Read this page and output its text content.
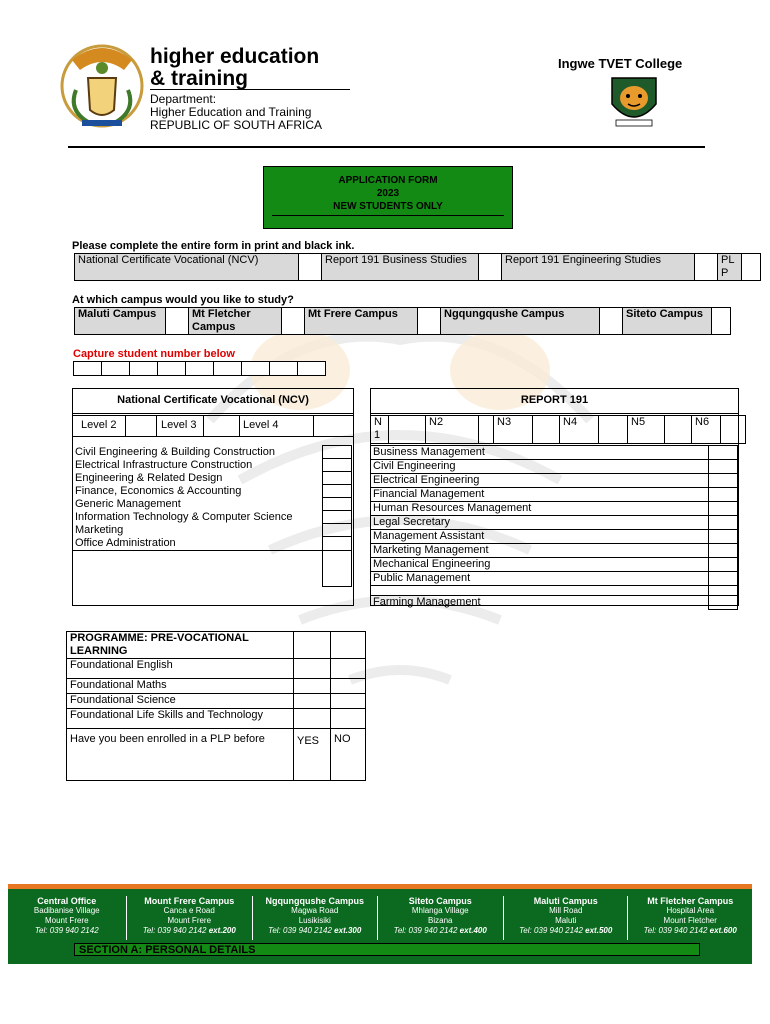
higher education
& training
Department:
Higher Education and Training
REPUBLIC OF SOUTH AFRICA
Ingwe TVET College
APPLICATION FORM
2023
NEW STUDENTS ONLY
Please complete the entire form in print and black ink.
National Certificate Vocational (NCV)		Report 191 Business Studies		Report 191 Engineering Studies		PLP	
At which campus would you like to study?
Maluti Campus		Mt Fletcher Campus		Mt Frere Campus		Ngqungqushe Campus		Siteto Campus	
Capture student number below

National Certificate Vocational (NCV)
Level 2	Level 3	Level 4
Civil Engineering & Building Construction	
Electrical Infrastructure Construction	
Engineering & Related Design	
Finance, Economics & Accounting	
Generic Management	
Information Technology & Computer Science	
Marketing	
Office Administration	

REPORT 191
N1		N2		N3		N4		N5		N6	
Business Management	
Civil Engineering	
Electrical Engineering	
Financial Management	
Human Resources Management	
Legal Secretary	
Management Assistant	
Marketing Management	
Mechanical Engineering	
Public Management	

Farming Management	
PROGRAMME: PRE-VOCATIONAL LEARNING		
Foundational English		
Foundational Maths		
Foundational Science		
Foundational Life Skills and Technology		
Have you been enrolled in a PLP before	YES	NO
Central Office
Badibanise Village
Mount Frere
Tel: 039 940 2142
Mount Frere Campus
Canca e Road
Mount Frere
Tel: 039 940 2142 ext.200
Ngqungqushe Campus
Magwa Road
Lusikisiki
Tel: 039 940 2142 ext.300
Siteto Campus
Mhlanga Village
Bizana
Tel: 039 940 2142 ext.400
Maluti Campus
Mill Road
Maluti
Tel: 039 940 2142 ext.500
Mt Fletcher Campus
Hospital Area
Mount Fletcher
Tel: 039 940 2142 ext.600
SECTION A: PERSONAL DETAILS
